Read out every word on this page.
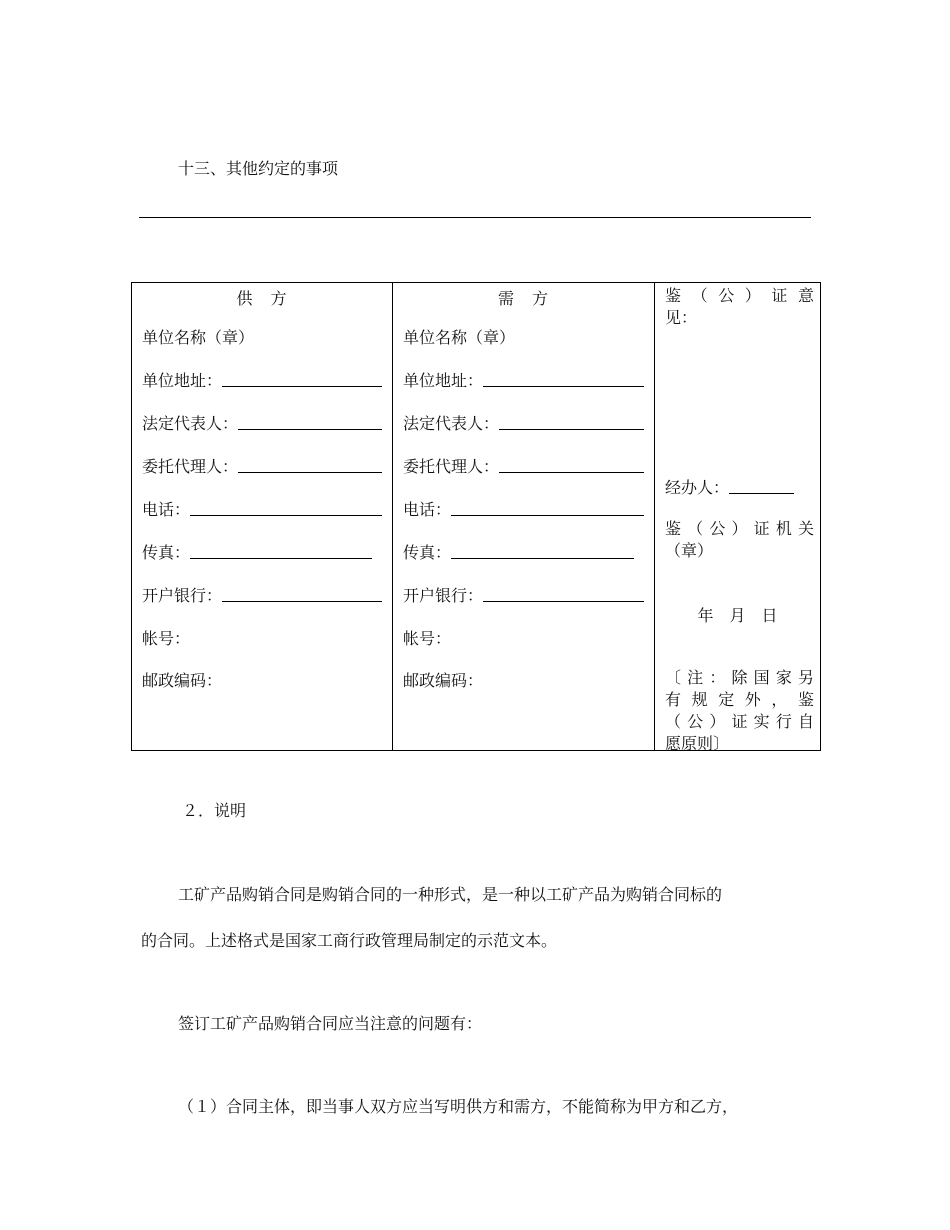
十三、其他约定的事项
供　方
单位名称（章）
单位地址：
法定代表人：
委托代理人：
电话：
传真：
开户银行：
帐号：
邮政编码：

需　方
单位名称（章）
单位地址：
法定代表人：
委托代理人：
电话：
传真：
开户银行：
帐号：
邮政编码：

鉴（公）证意
见：
经办人：
鉴（公）证机关
（章）
年　月　日
〔注：除国家另
有规定外，鉴
（公）证实行自
愿原则〕
２．说明
工矿产品购销合同是购销合同的一种形式，是一种以工矿产品为购销合同标的
的合同。上述格式是国家工商行政管理局制定的示范文本。
签订工矿产品购销合同应当注意的问题有：
（１）合同主体，即当事人双方应当写明供方和需方，不能简称为甲方和乙方，
